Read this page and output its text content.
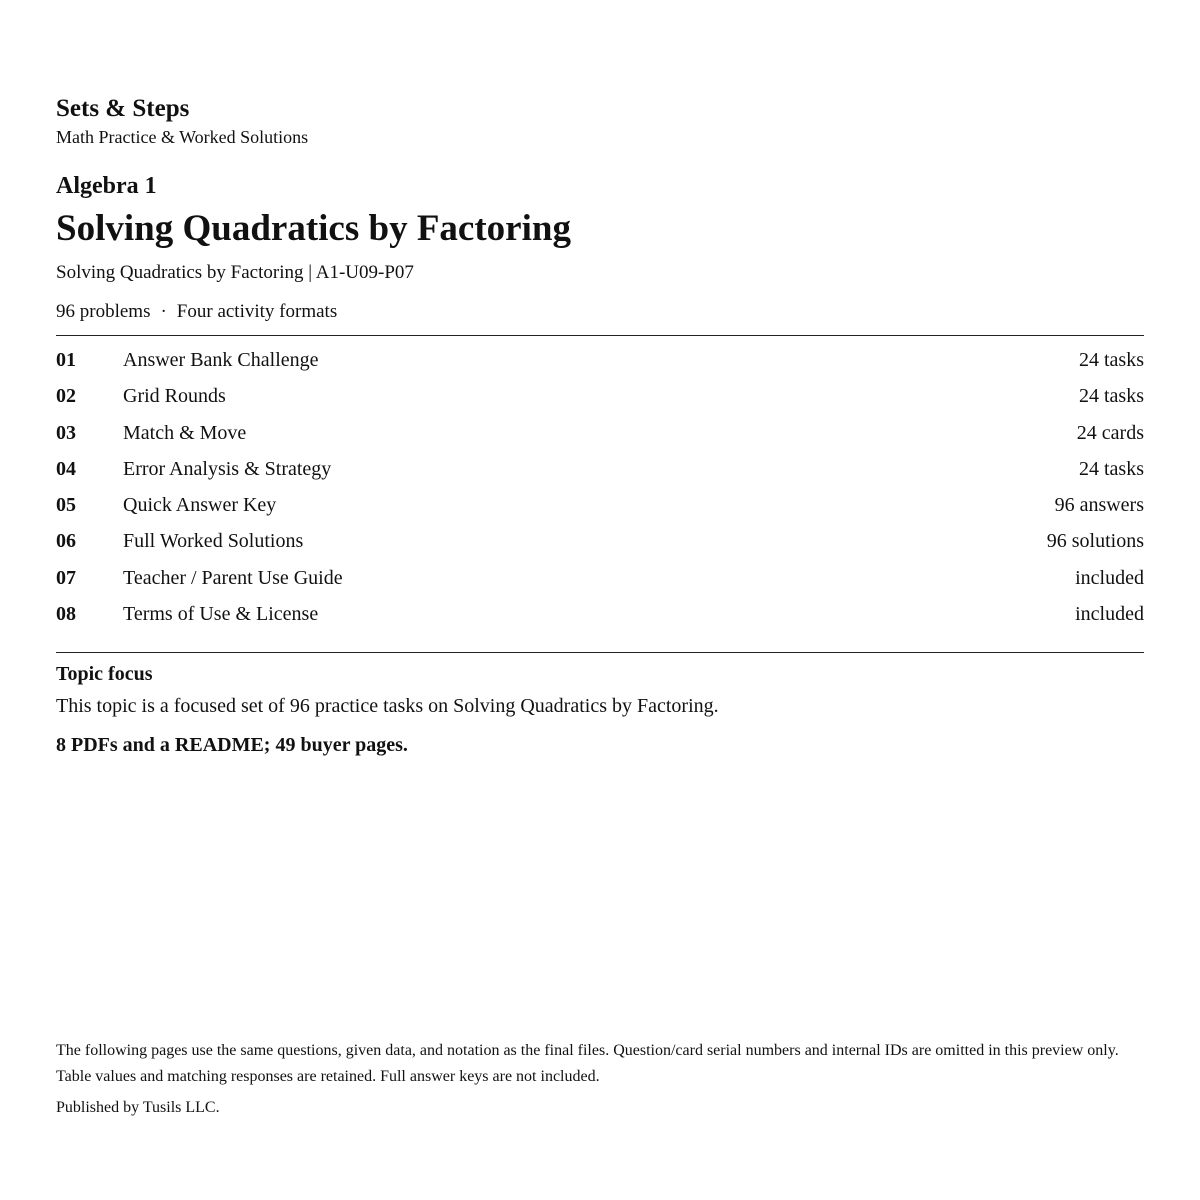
Sets & Steps
Math Practice & Worked Solutions
Algebra 1
Solving Quadratics by Factoring
Solving Quadratics by Factoring | A1-U09-P07
96 problems · Four activity formats
01 Answer Bank Challenge	24 tasks
02 Grid Rounds	24 tasks
03 Match & Move	24 cards
04 Error Analysis & Strategy	24 tasks
05 Quick Answer Key	96 answers
06 Full Worked Solutions	96 solutions
07 Teacher / Parent Use Guide	included
08 Terms of Use & License	included
Topic focus
This topic is a focused set of 96 practice tasks on Solving Quadratics by Factoring.
8 PDFs and a README; 49 buyer pages.
The following pages use the same questions, given data, and notation as the final files. Question/card serial numbers and internal IDs are omitted in this preview only. Table values and matching responses are retained. Full answer keys are not included.
Published by Tusils LLC.
